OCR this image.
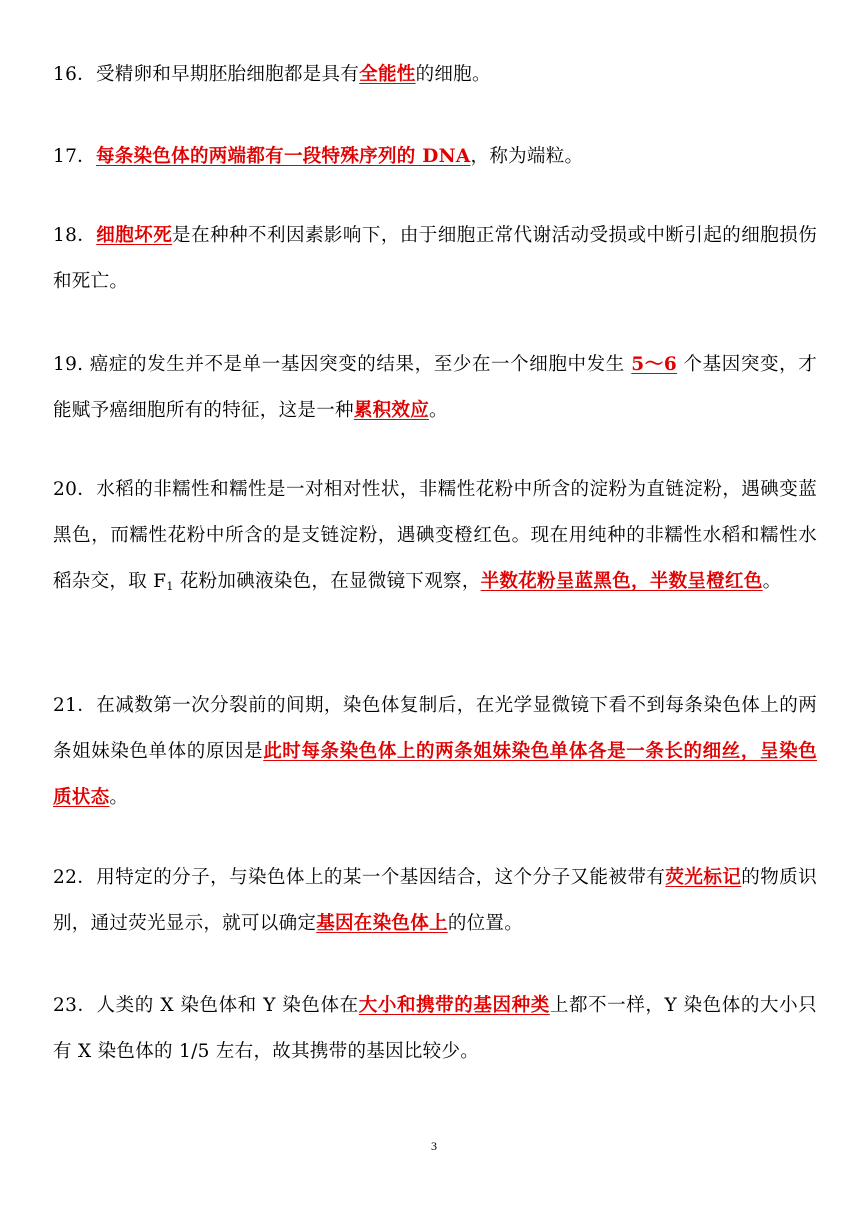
16．受精卵和早期胚胎细胞都是具有全能性的细胞。
17．每条染色体的两端都有一段特殊序列的 DNA，称为端粒。
18．细胞坏死是在种种不利因素影响下，由于细胞正常代谢活动受损或中断引起的细胞损伤和死亡。
19. 癌症的发生并不是单一基因突变的结果，至少在一个细胞中发生 5～6 个基因突变，才能赋予癌细胞所有的特征，这是一种累积效应。
20．水稻的非糯性和糯性是一对相对性状，非糯性花粉中所含的淀粉为直链淀粉，遇碘变蓝黑色，而糯性花粉中所含的是支链淀粉，遇碘变橙红色。现在用纯种的非糯性水稻和糯性水稻杂交，取 $F_1$ 花粉加碘液染色，在显微镜下观察，半数花粉呈蓝黑色，半数呈橙红色。
21．在减数第一次分裂前的间期，染色体复制后，在光学显微镜下看不到每条染色体上的两条姐妹染色单体的原因是此时每条染色体上的两条姐妹染色单体各是一条长的细丝，呈染色质状态。
22．用特定的分子，与染色体上的某一个基因结合，这个分子又能被带有荧光标记的物质识别，通过荧光显示，就可以确定基因在染色体上的位置。
23．人类的 X 染色体和 Y 染色体在大小和携带的基因种类上都不一样，Y 染色体的大小只有 X 染色体的 1/5 左右，故其携带的基因比较少。
3
